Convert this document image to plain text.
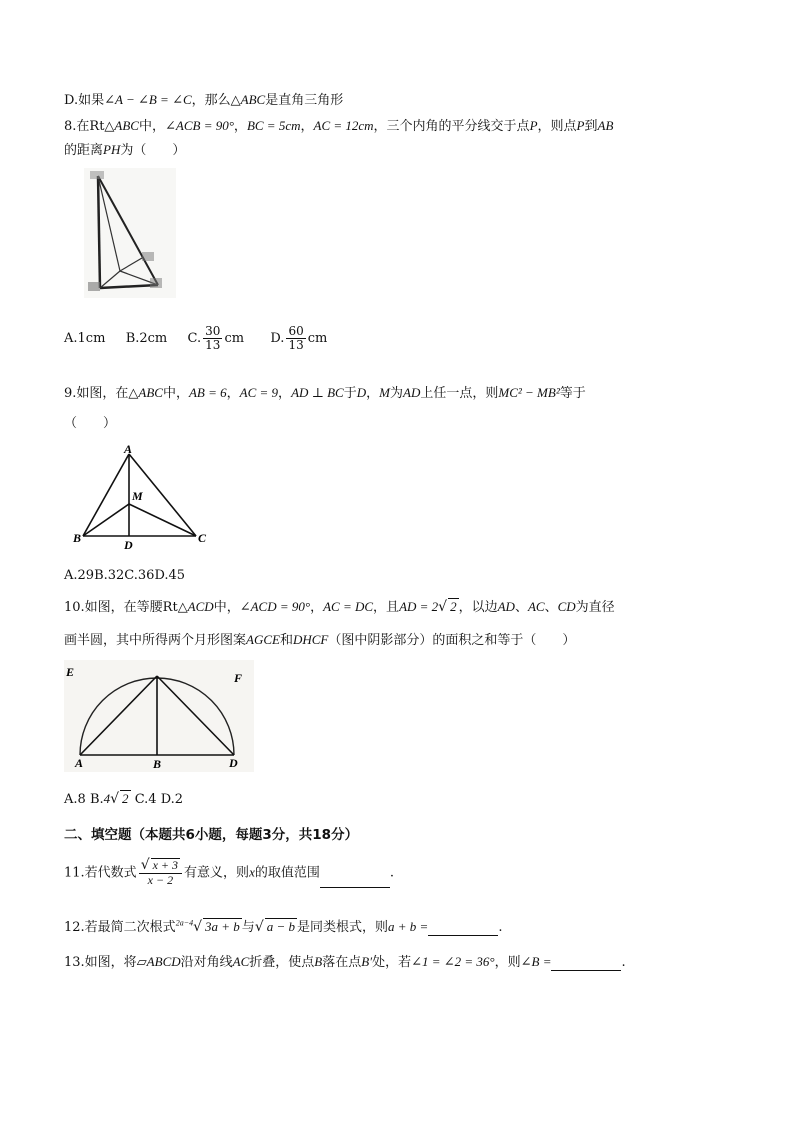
D.如果∠A − ∠B = ∠C，那么△ABC是直角三角形
8.在Rt△ABC中，∠ACB = 90°，BC = 5cm，AC = 12cm，三个内角的平分线交于点P，则点P到AB
的距离PH为（　　）
A.1cm B.2cm C. $\frac{30}{13}$ cm D. $\frac{60}{13}$ cm
9.如图，在△ABC中，AB = 6，AC = 9，AD ⊥ BC于D，M为AD上任一点，则MC² − MB²等于
（　　）
A
M
B	D	C
A.29B.32C.36D.45
10.如图，在等腰Rt△ACD中，∠ACD = 90°，AC = DC，且AD = 2√ 2 ，以边AD、AC、CD为直径
画半圆，其中所得两个月形图案AGCE和DHCF（图中阴影部分）的面积之和等于（　　）
E	F
A	B	D
A.8 B.4√ 2 C.4 D.2
二、填空题（本题共6小题，每题3分，共18分）
11.若代数式 $\frac{√ x + 3}{x - 2}$ 有意义，则x的取值范围	.
12.若最简二次根式$^{2a-4}$√ 3a + b 与√ a − b 是同类根式，则a + b =	.
13.如图，将▱ABCD沿对角线AC折叠，使点B落在点B′处，若∠1 = ∠2 = 36°，则∠B =	.
